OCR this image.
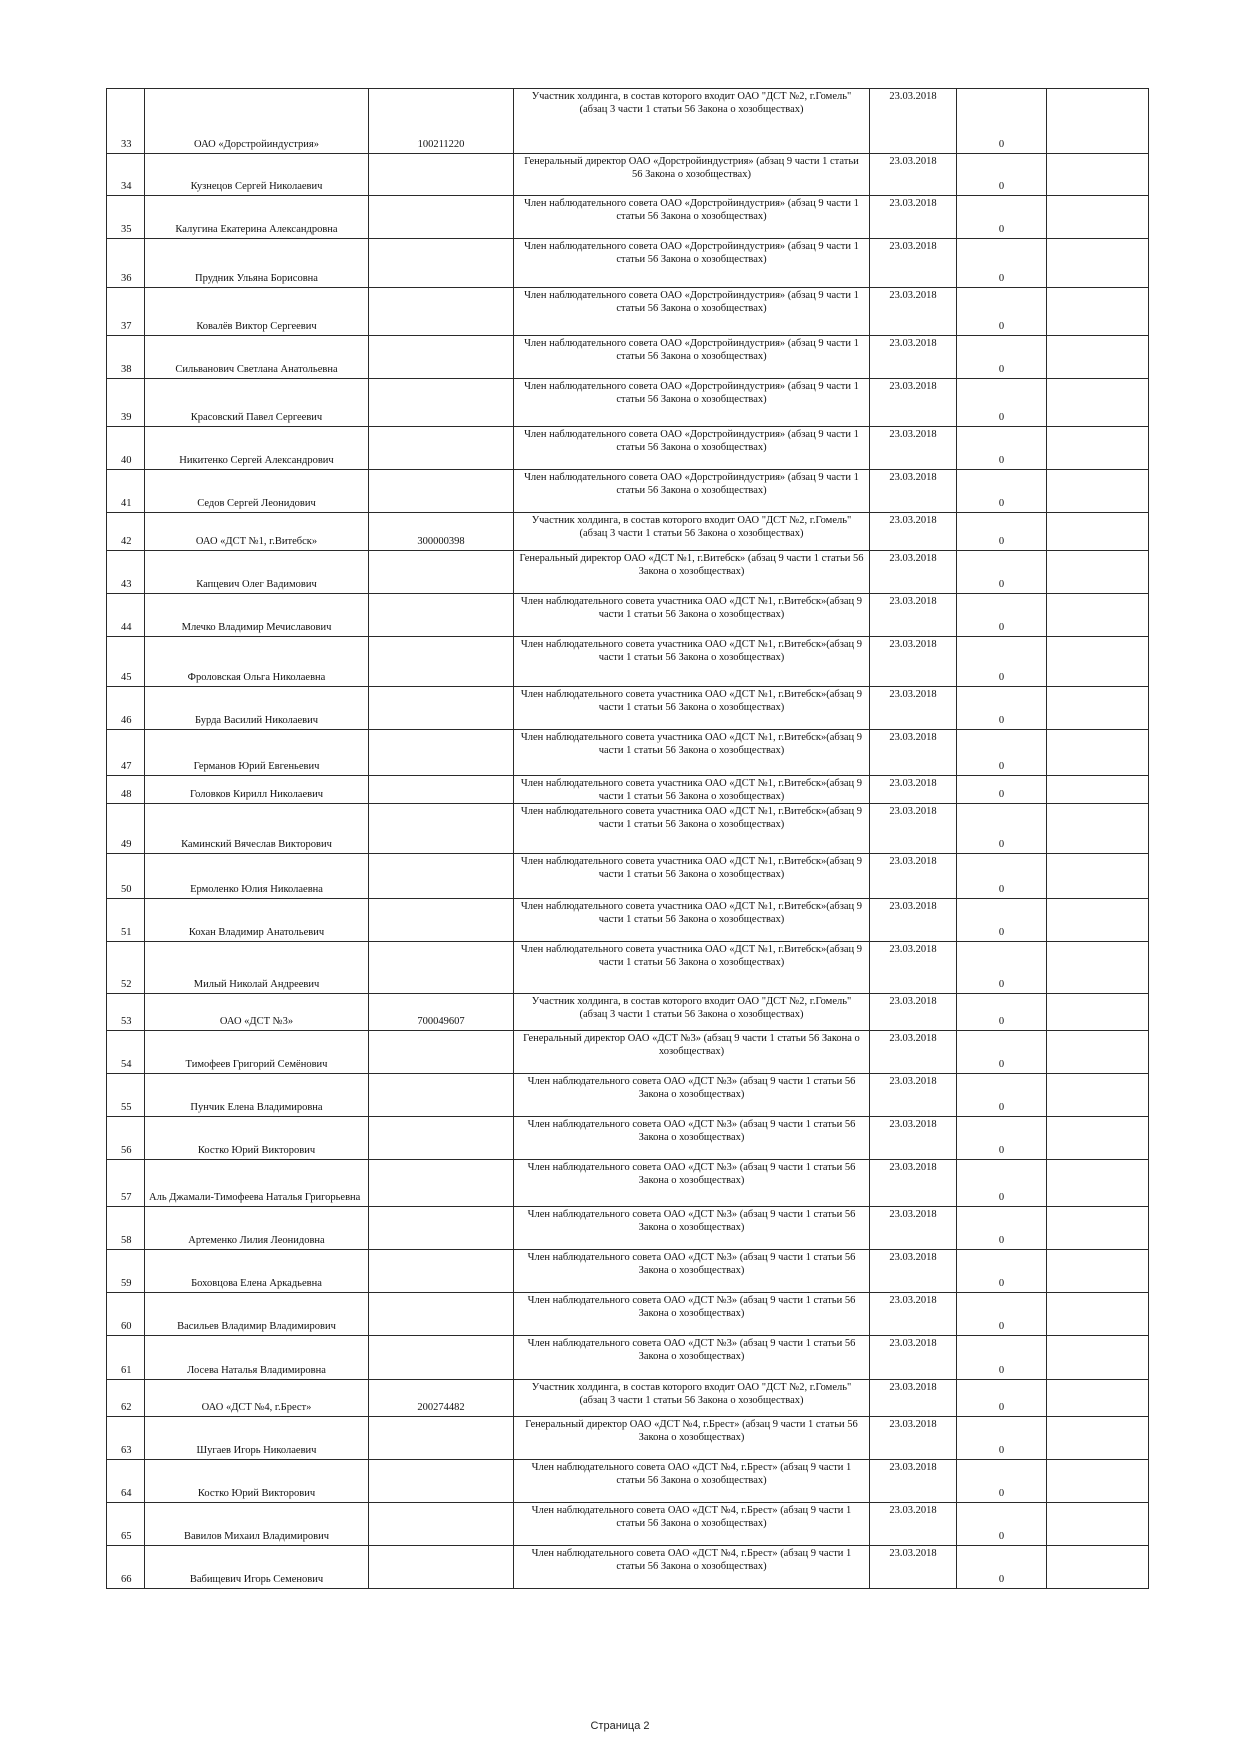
33	ОАО «Дорстройиндустрия»	100211220	Участник холдинга, в состав которого входит ОАО "ДСТ №2, г.Гомель" (абзац 3 части 1 статьи 56 Закона о хозобществах)	23.03.2018	0	
34	Кузнецов Сергей Николаевич		Генеральный директор ОАО «Дорстройиндустрия» (абзац 9 части 1 статьи 56 Закона о хозобществах)	23.03.2018	0	
35	Калугина Екатерина Александровна		Член наблюдательного совета ОАО «Дорстройиндустрия» (абзац 9 части 1 статьи 56 Закона о хозобществах)	23.03.2018	0	
36	Прудник Ульяна Борисовна		Член наблюдательного совета ОАО «Дорстройиндустрия» (абзац 9 части 1 статьи 56 Закона о хозобществах)	23.03.2018	0	
37	Ковалёв Виктор Сергеевич		Член наблюдательного совета ОАО «Дорстройиндустрия» (абзац 9 части 1 статьи 56 Закона о хозобществах)	23.03.2018	0	
38	Сильванович Светлана Анатольевна		Член наблюдательного совета ОАО «Дорстройиндустрия» (абзац 9 части 1 статьи 56 Закона о хозобществах)	23.03.2018	0	
39	Красовский Павел Сергеевич		Член наблюдательного совета ОАО «Дорстройиндустрия» (абзац 9 части 1 статьи 56 Закона о хозобществах)	23.03.2018	0	
40	Никитенко Сергей Александрович		Член наблюдательного совета ОАО «Дорстройиндустрия» (абзац 9 части 1 статьи 56 Закона о хозобществах)	23.03.2018	0	
41	Седов Сергей Леонидович		Член наблюдательного совета ОАО «Дорстройиндустрия» (абзац 9 части 1 статьи 56 Закона о хозобществах)	23.03.2018	0	
42	ОАО «ДСТ №1, г.Витебск»	300000398	Участник холдинга, в состав которого входит ОАО "ДСТ №2, г.Гомель" (абзац 3 части 1 статьи 56 Закона о хозобществах)	23.03.2018	0	
43	Капцевич Олег Вадимович		Генеральный директор ОАО «ДСТ №1, г.Витебск» (абзац 9 части 1 статьи 56 Закона о хозобществах)	23.03.2018	0	
44	Млечко Владимир Мечиславович		Член наблюдательного совета участника ОАО «ДСТ №1, г.Витебск»(абзац 9 части 1 статьи 56 Закона о хозобществах)	23.03.2018	0	
45	Фроловская Ольга Николаевна		Член наблюдательного совета участника ОАО «ДСТ №1, г.Витебск»(абзац 9 части 1 статьи 56 Закона о хозобществах)	23.03.2018	0	
46	Бурда Василий Николаевич		Член наблюдательного совета участника ОАО «ДСТ №1, г.Витебск»(абзац 9 части 1 статьи 56 Закона о хозобществах)	23.03.2018	0	
47	Германов Юрий Евгеньевич		Член наблюдательного совета участника ОАО «ДСТ №1, г.Витебск»(абзац 9 части 1 статьи 56 Закона о хозобществах)	23.03.2018	0	
48	Головков Кирилл Николаевич		Член наблюдательного совета участника ОАО «ДСТ №1, г.Витебск»(абзац 9 части 1 статьи 56 Закона о хозобществах)	23.03.2018	0	
49	Каминский Вячеслав Викторович		Член наблюдательного совета участника ОАО «ДСТ №1, г.Витебск»(абзац 9 части 1 статьи 56 Закона о хозобществах)	23.03.2018	0	
50	Ермоленко Юлия Николаевна		Член наблюдательного совета участника ОАО «ДСТ №1, г.Витебск»(абзац 9 части 1 статьи 56 Закона о хозобществах)	23.03.2018	0	
51	Кохан Владимир Анатольевич		Член наблюдательного совета участника ОАО «ДСТ №1, г.Витебск»(абзац 9 части 1 статьи 56 Закона о хозобществах)	23.03.2018	0	
52	Милый Николай Андреевич		Член наблюдательного совета участника ОАО «ДСТ №1, г.Витебск»(абзац 9 части 1 статьи 56 Закона о хозобществах)	23.03.2018	0	
53	ОАО «ДСТ №3»	700049607	Участник холдинга, в состав которого входит ОАО "ДСТ №2, г.Гомель" (абзац 3 части 1 статьи 56 Закона о хозобществах)	23.03.2018	0	
54	Тимофеев Григорий Семёнович		Генеральный директор ОАО «ДСТ №3» (абзац 9 части 1 статьи 56 Закона о хозобществах)	23.03.2018	0	
55	Пунчик Елена Владимировна		Член наблюдательного совета ОАО «ДСТ №3» (абзац 9 части 1 статьи 56 Закона о хозобществах)	23.03.2018	0	
56	Костко Юрий Викторович		Член наблюдательного совета ОАО «ДСТ №3» (абзац 9 части 1 статьи 56 Закона о хозобществах)	23.03.2018	0	
57	Аль Джамали-Тимофеева Наталья Григорьевна		Член наблюдательного совета ОАО «ДСТ №3» (абзац 9 части 1 статьи 56 Закона о хозобществах)	23.03.2018	0	
58	Артеменко Лилия Леонидовна		Член наблюдательного совета ОАО «ДСТ №3» (абзац 9 части 1 статьи 56 Закона о хозобществах)	23.03.2018	0	
59	Боховцова Елена Аркадьевна		Член наблюдательного совета ОАО «ДСТ №3» (абзац 9 части 1 статьи 56 Закона о хозобществах)	23.03.2018	0	
60	Васильев Владимир Владимирович		Член наблюдательного совета ОАО «ДСТ №3» (абзац 9 части 1 статьи 56 Закона о хозобществах)	23.03.2018	0	
61	Лосева Наталья Владимировна		Член наблюдательного совета ОАО «ДСТ №3» (абзац 9 части 1 статьи 56 Закона о хозобществах)	23.03.2018	0	
62	ОАО «ДСТ №4, г.Брест»	200274482	Участник холдинга, в состав которого входит ОАО "ДСТ №2, г.Гомель" (абзац 3 части 1 статьи 56 Закона о хозобществах)	23.03.2018	0	
63	Шугаев Игорь Николаевич		Генеральный директор ОАО «ДСТ №4, г.Брест» (абзац 9 части 1 статьи 56 Закона о хозобществах)	23.03.2018	0	
64	Костко Юрий Викторович		Член наблюдательного совета ОАО «ДСТ №4, г.Брест» (абзац 9 части 1 статьи 56 Закона о хозобществах)	23.03.2018	0	
65	Вавилов Михаил Владимирович		Член наблюдательного совета ОАО «ДСТ №4, г.Брест» (абзац 9 части 1 статьи 56 Закона о хозобществах)	23.03.2018	0	
66	Вабищевич Игорь Семенович		Член наблюдательного совета ОАО «ДСТ №4, г.Брест» (абзац 9 части 1 статьи 56 Закона о хозобществах)	23.03.2018	0	
Страница 2
